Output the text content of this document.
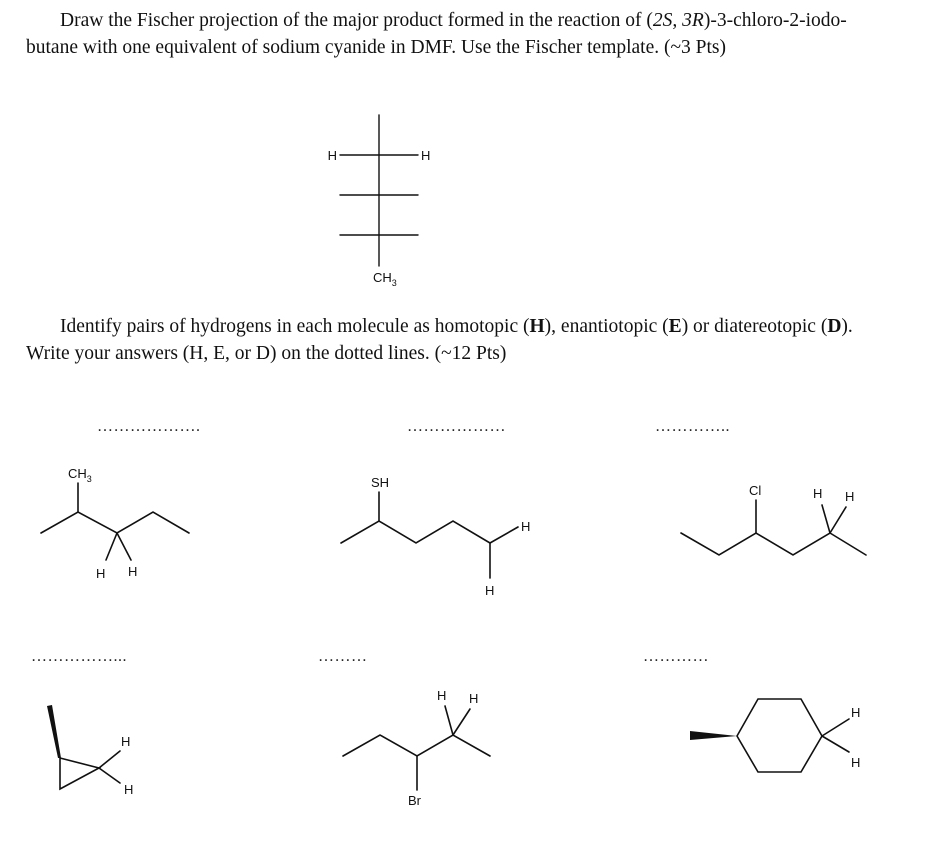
Draw the Fischer projection of the major product formed in the reaction of (2S, 3R)-3-chloro-2-iodo-
butane with one equivalent of sodium cyanide in DMF. Use the Fischer template. (~3 Pts)
Identify pairs of hydrogens in each molecule as homotopic (H), enantiotopic (E) or diatereotopic (D).
Write your answers (H, E, or D) on the dotted lines. (~12 Pts)
……………….	………………	…………..
……………...	………	…………
H	H
$CH_3$
$CH_3$
H H
SH
H
H
Cl	H H
H
H
H H
Br
H
H
